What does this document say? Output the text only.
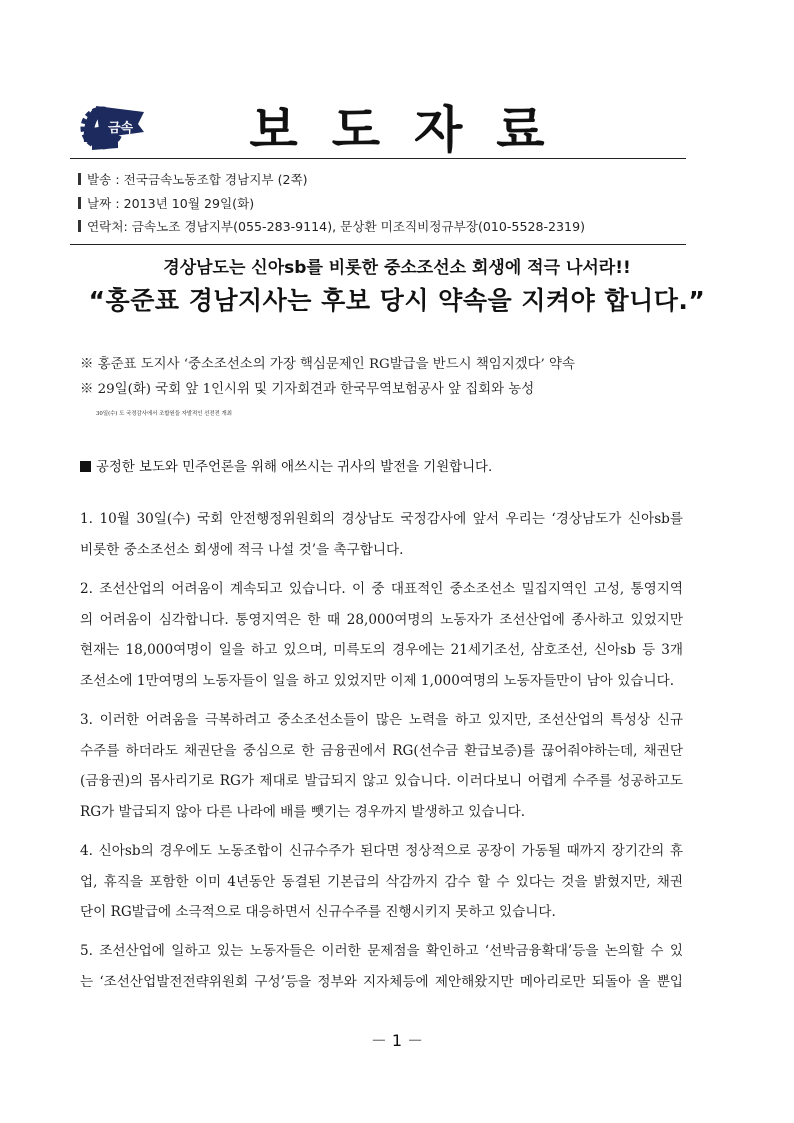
금속	보도자료
발송 : 전국금속노동조합 경남지부 (2쪽)
날짜 : 2013년 10월 29일(화)
연락처: 금속노조 경남지부(055-283-9114), 문상환 미조직비정규부장(010-5528-2319)
경상남도는 신아sb를 비롯한 중소조선소 회생에 적극 나서라!!
“홍준표 경남지사는 후보 당시 약속을 지켜야 합니다.”
※ 홍준표 도지사 ‘중소조선소의 가장 핵심문제인 RG발급을 반드시 책임지겠다’ 약속
※ 29일(화) 국회 앞 1인시위 및 기자회견과 한국무역보험공사 앞 집회와 농성
30일(수) 도 국정감사에서 조합원들 자발적인 선전전 개최
공정한 보도와 민주언론을 위해 애쓰시는 귀사의 발전을 기원합니다.
1. 10월 30일(수) 국회 안전행정위원회의 경상남도 국정감사에 앞서 우리는 ‘경상남도가 신아sb를
비롯한 중소조선소 회생에 적극 나설 것’을 촉구합니다.
2. 조선산업의 어려움이 계속되고 있습니다. 이 중 대표적인 중소조선소 밀집지역인 고성, 통영지역
의 어려움이 심각합니다. 통영지역은 한 때 28,000여명의 노동자가 조선산업에 종사하고 있었지만
현재는 18,000여명이 일을 하고 있으며, 미륵도의 경우에는 21세기조선, 삼호조선, 신아sb 등 3개
조선소에 1만여명의 노동자들이 일을 하고 있었지만 이제 1,000여명의 노동자들만이 남아 있습니다.
3. 이러한 어려움을 극복하려고 중소조선소들이 많은 노력을 하고 있지만, 조선산업의 특성상 신규
수주를 하더라도 채권단을 중심으로 한 금융권에서 RG(선수금 환급보증)를 끊어줘야하는데, 채권단
(금융권)의 몸사리기로 RG가 제대로 발급되지 않고 있습니다. 이러다보니 어렵게 수주를 성공하고도
RG가 발급되지 않아 다른 나라에 배를 뺏기는 경우까지 발생하고 있습니다.
4. 신아sb의 경우에도 노동조합이 신규수주가 된다면 정상적으로 공장이 가동될 때까지 장기간의 휴
업, 휴직을 포함한 이미 4년동안 동결된 기본급의 삭감까지 감수 할 수 있다는 것을 밝혔지만, 채권
단이 RG발급에 소극적으로 대응하면서 신규수주를 진행시키지 못하고 있습니다.
5. 조선산업에 일하고 있는 노동자들은 이러한 문제점을 확인하고 ‘선박금융확대’등을 논의할 수 있
는 ‘조선산업발전전략위원회 구성’등을 정부와 지자체등에 제안해왔지만 메아리로만 되돌아 올 뿐입
－ 1 －
